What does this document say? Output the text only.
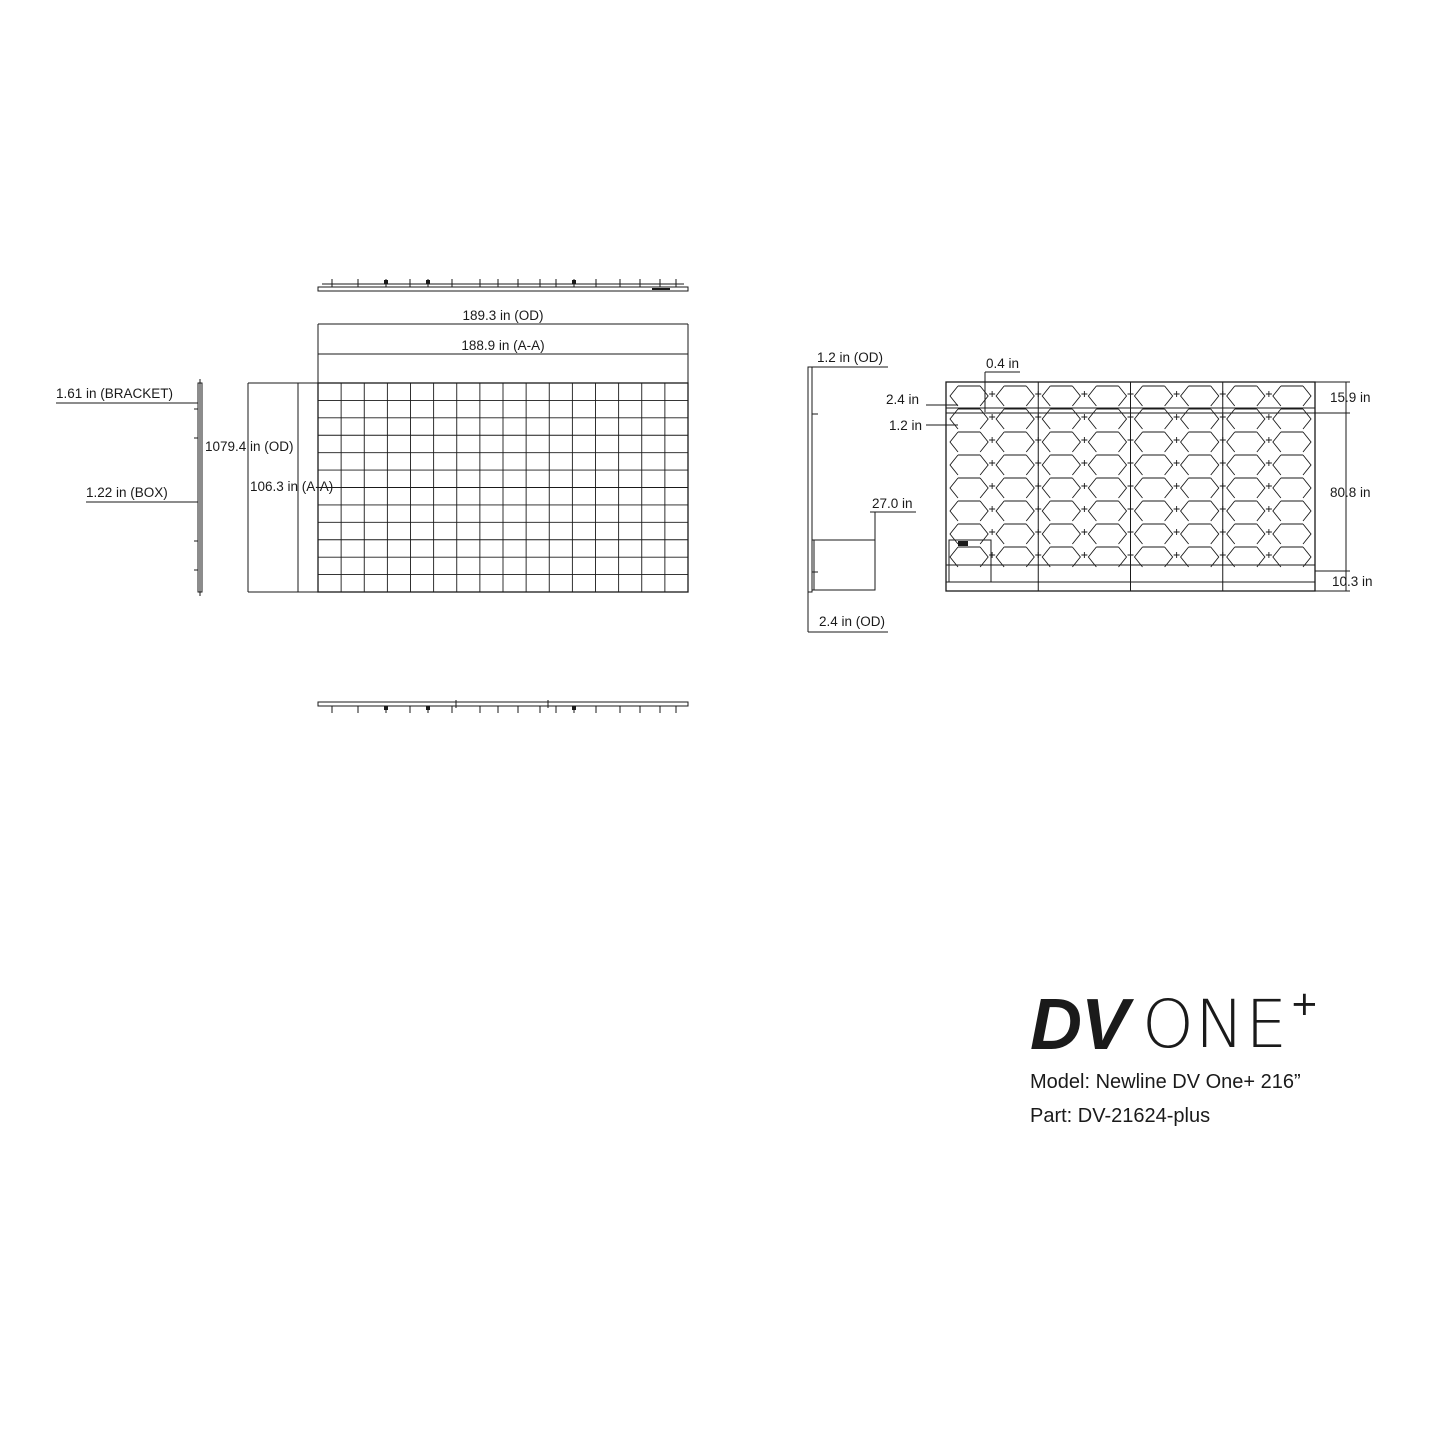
189.3 in (OD)
188.9 in (A-A)
1079.4 in (OD)
106.3 in (A-A)
1.61 in (BRACKET)
1.22 in (BOX)
1.2 in (OD)
27.0 in
2.4 in (OD)
0.4 in
2.4 in
1.2 in
15.9 in
80.8 in
10.3 in
DV ONE +
Model: Newline DV One+ 216”
Part: DV-21624-plus
